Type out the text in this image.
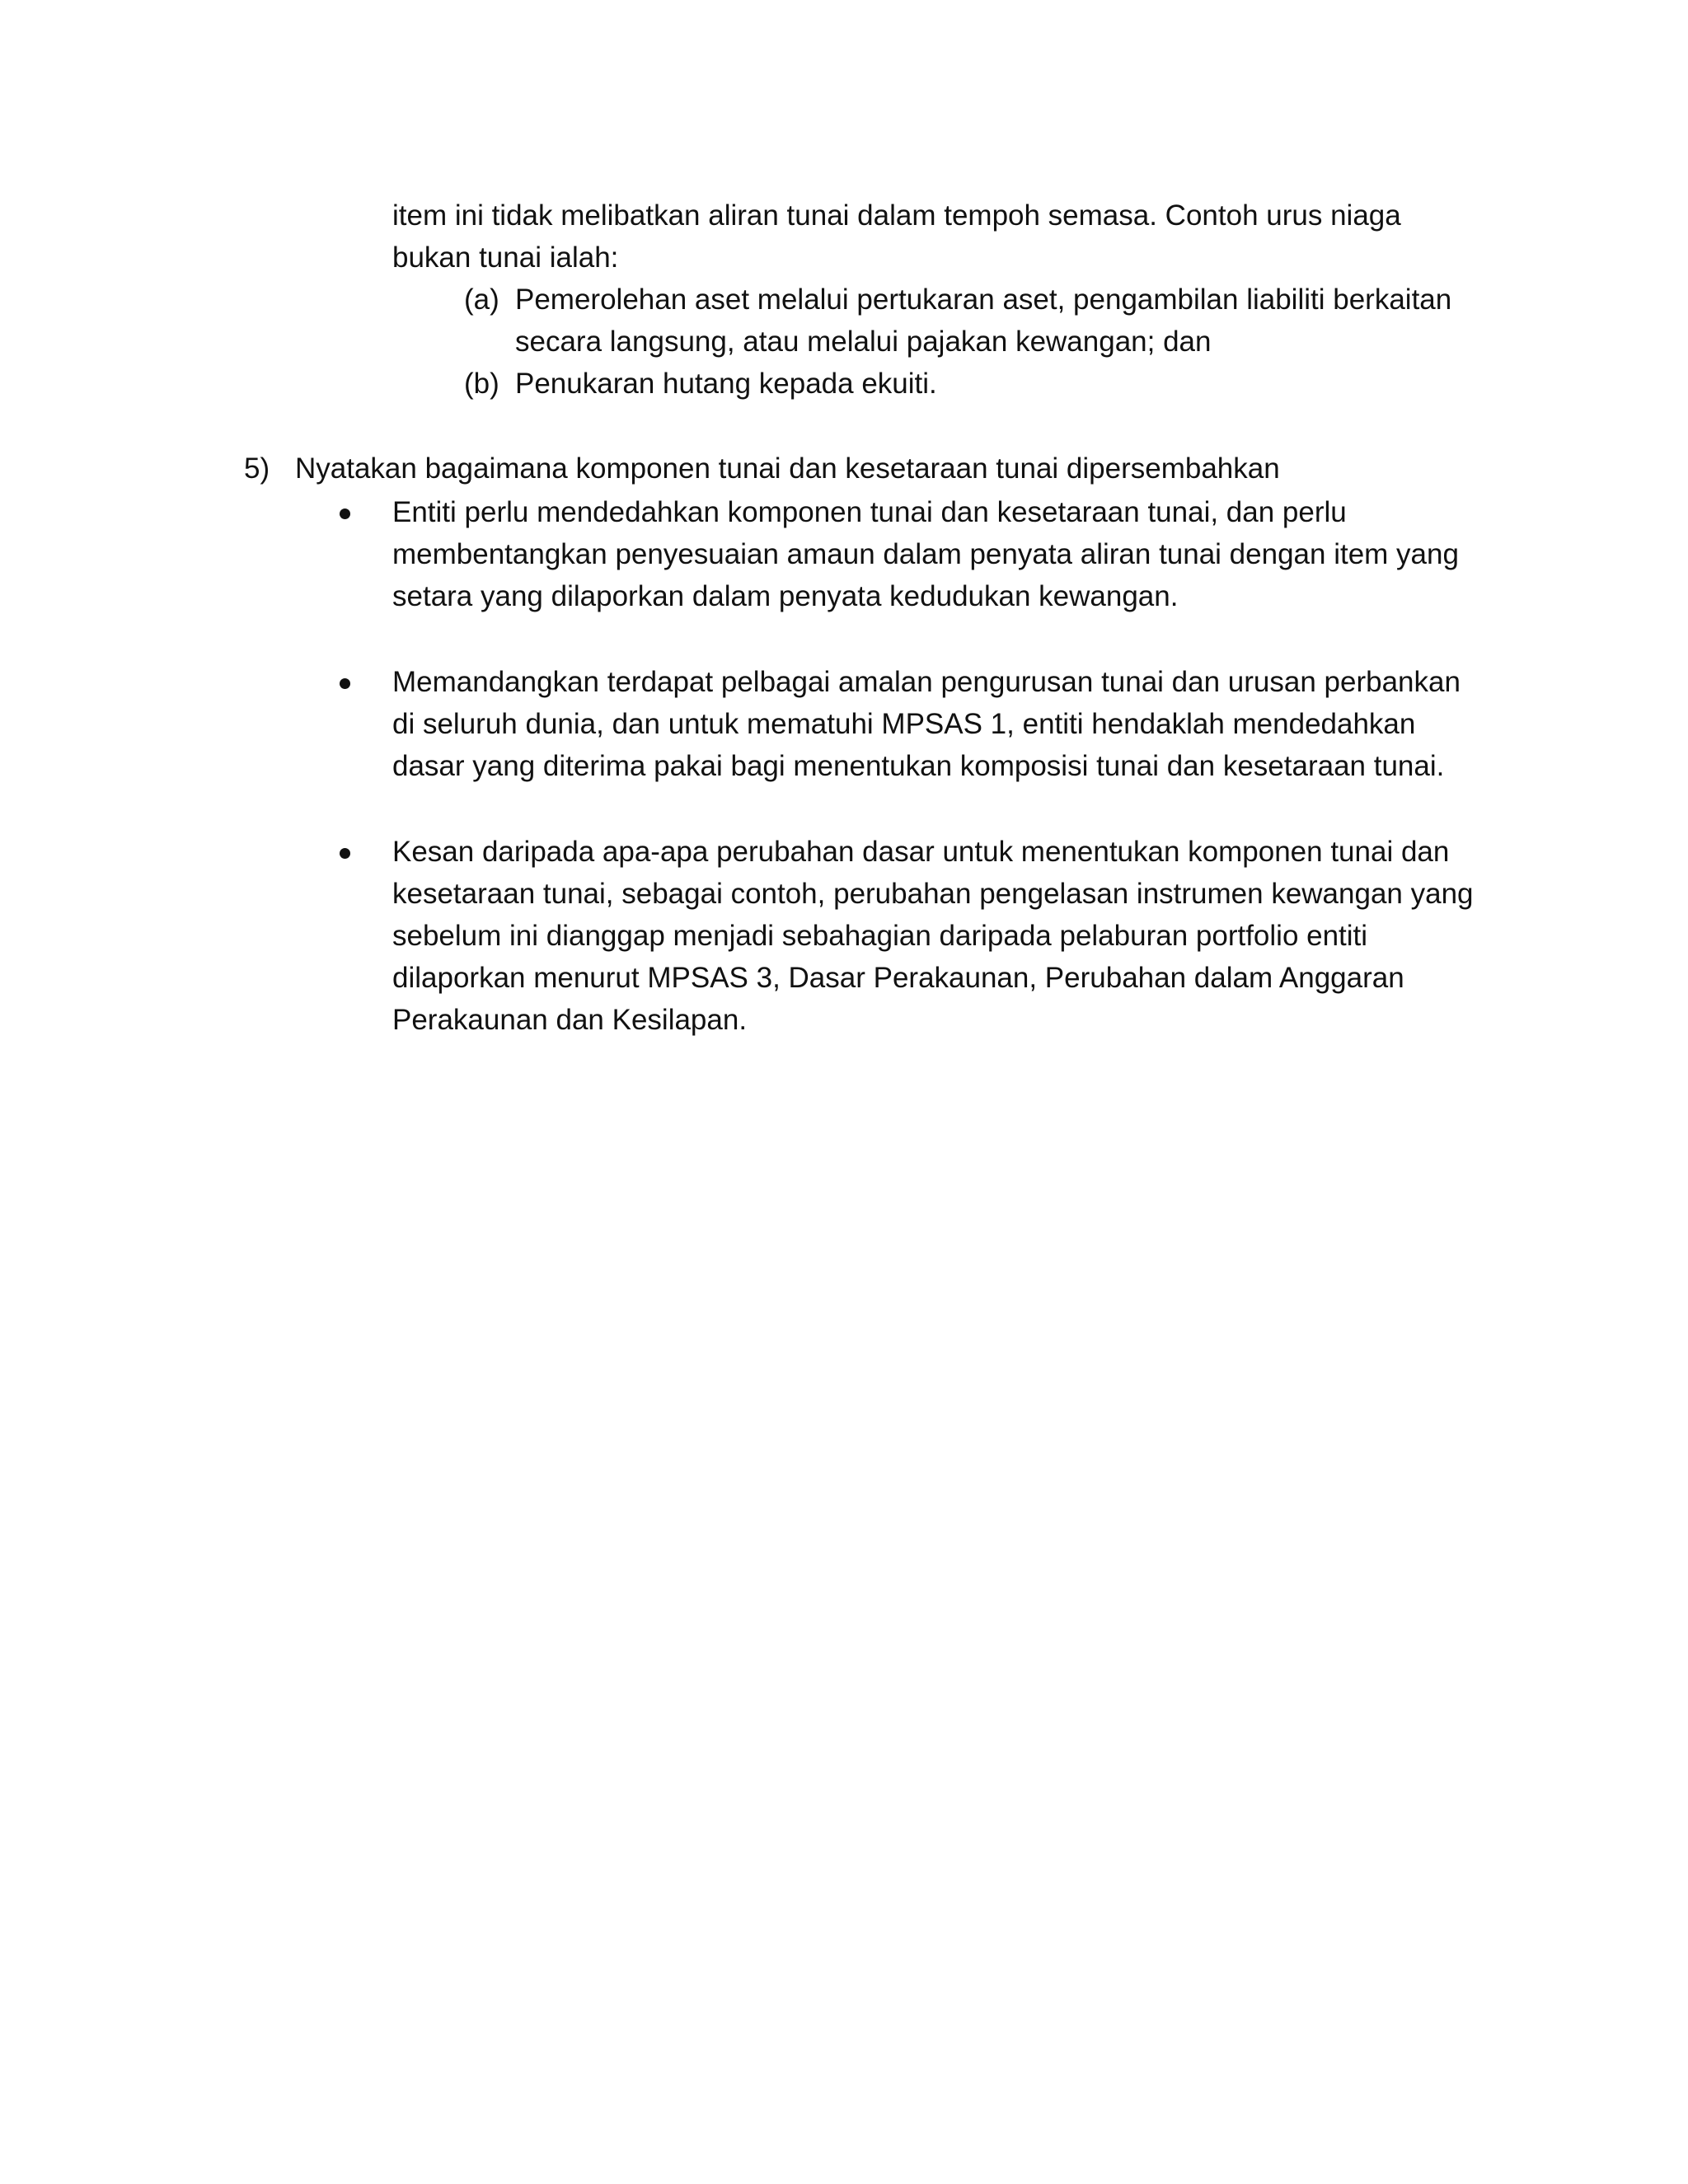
item ini tidak melibatkan aliran tunai dalam tempoh semasa. Contoh urus niaga bukan tunai ialah:
(a) Pemerolehan aset melalui pertukaran aset, pengambilan liabiliti berkaitan secara langsung, atau melalui pajakan kewangan; dan
(b) Penukaran hutang kepada ekuiti.
5) Nyatakan bagaimana komponen tunai dan kesetaraan tunai dipersembahkan
Entiti perlu mendedahkan komponen tunai dan kesetaraan tunai, dan perlu membentangkan penyesuaian amaun dalam penyata aliran tunai dengan item yang setara yang dilaporkan dalam penyata kedudukan kewangan.
Memandangkan terdapat pelbagai amalan pengurusan tunai dan urusan perbankan di seluruh dunia, dan untuk mematuhi MPSAS 1, entiti hendaklah mendedahkan dasar yang diterima pakai bagi menentukan komposisi tunai dan kesetaraan tunai.
Kesan daripada apa-apa perubahan dasar untuk menentukan komponen tunai dan kesetaraan tunai, sebagai contoh, perubahan pengelasan instrumen kewangan yang sebelum ini dianggap menjadi sebahagian daripada pelaburan portfolio entiti dilaporkan menurut MPSAS 3, Dasar Perakaunan, Perubahan dalam Anggaran Perakaunan dan Kesilapan.
